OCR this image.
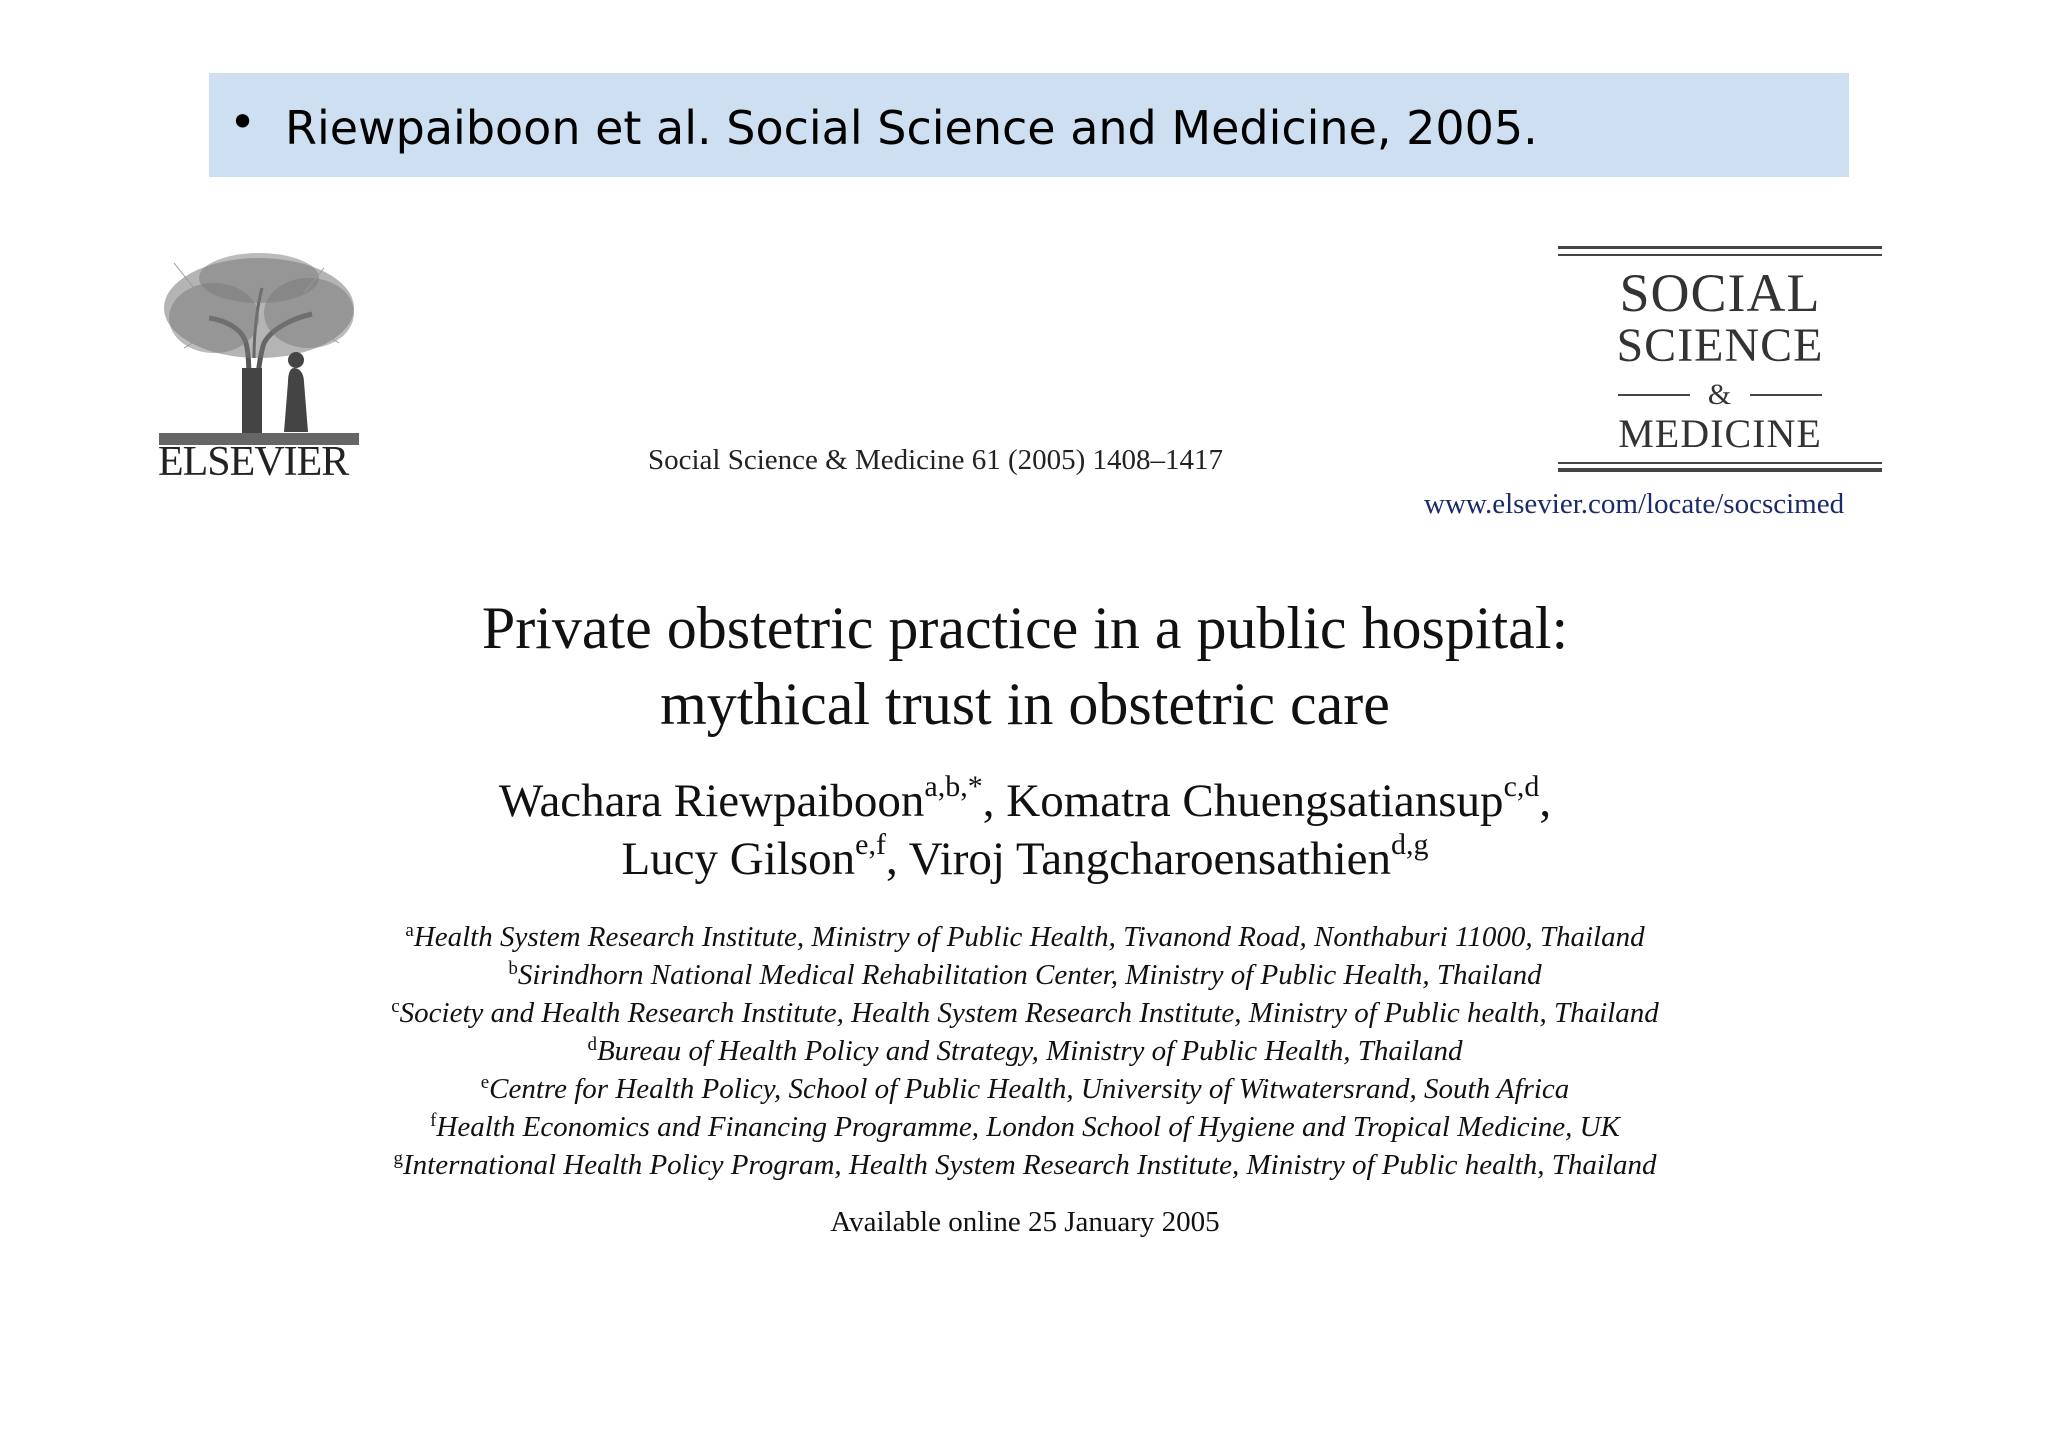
• Riewpaiboon et al. Social Science and Medicine, 2005.
ELSEVIER	Social Science & Medicine 61 (2005) 1408–1417
SOCIAL
SCIENCE
&
MEDICINE
www.elsevier.com/locate/socscimed
Private obstetric practice in a public hospital:
mythical trust in obstetric care
Wachara Riewpaiboon$^{a,b,*}$, Komatra Chuengsatiansup$^{c,d}$,
Lucy Gilson$^{e,f}$, Viroj Tangcharoensathien$^{d,g}$
$^a$Health System Research Institute, Ministry of Public Health, Tivanond Road, Nonthaburi 11000, Thailand
$^b$Sirindhorn National Medical Rehabilitation Center, Ministry of Public Health, Thailand
$^c$Society and Health Research Institute, Health System Research Institute, Ministry of Public health, Thailand
$^d$Bureau of Health Policy and Strategy, Ministry of Public Health, Thailand
$^e$Centre for Health Policy, School of Public Health, University of Witwatersrand, South Africa
$^f$Health Economics and Financing Programme, London School of Hygiene and Tropical Medicine, UK
$^g$International Health Policy Program, Health System Research Institute, Ministry of Public health, Thailand
Available online 25 January 2005
